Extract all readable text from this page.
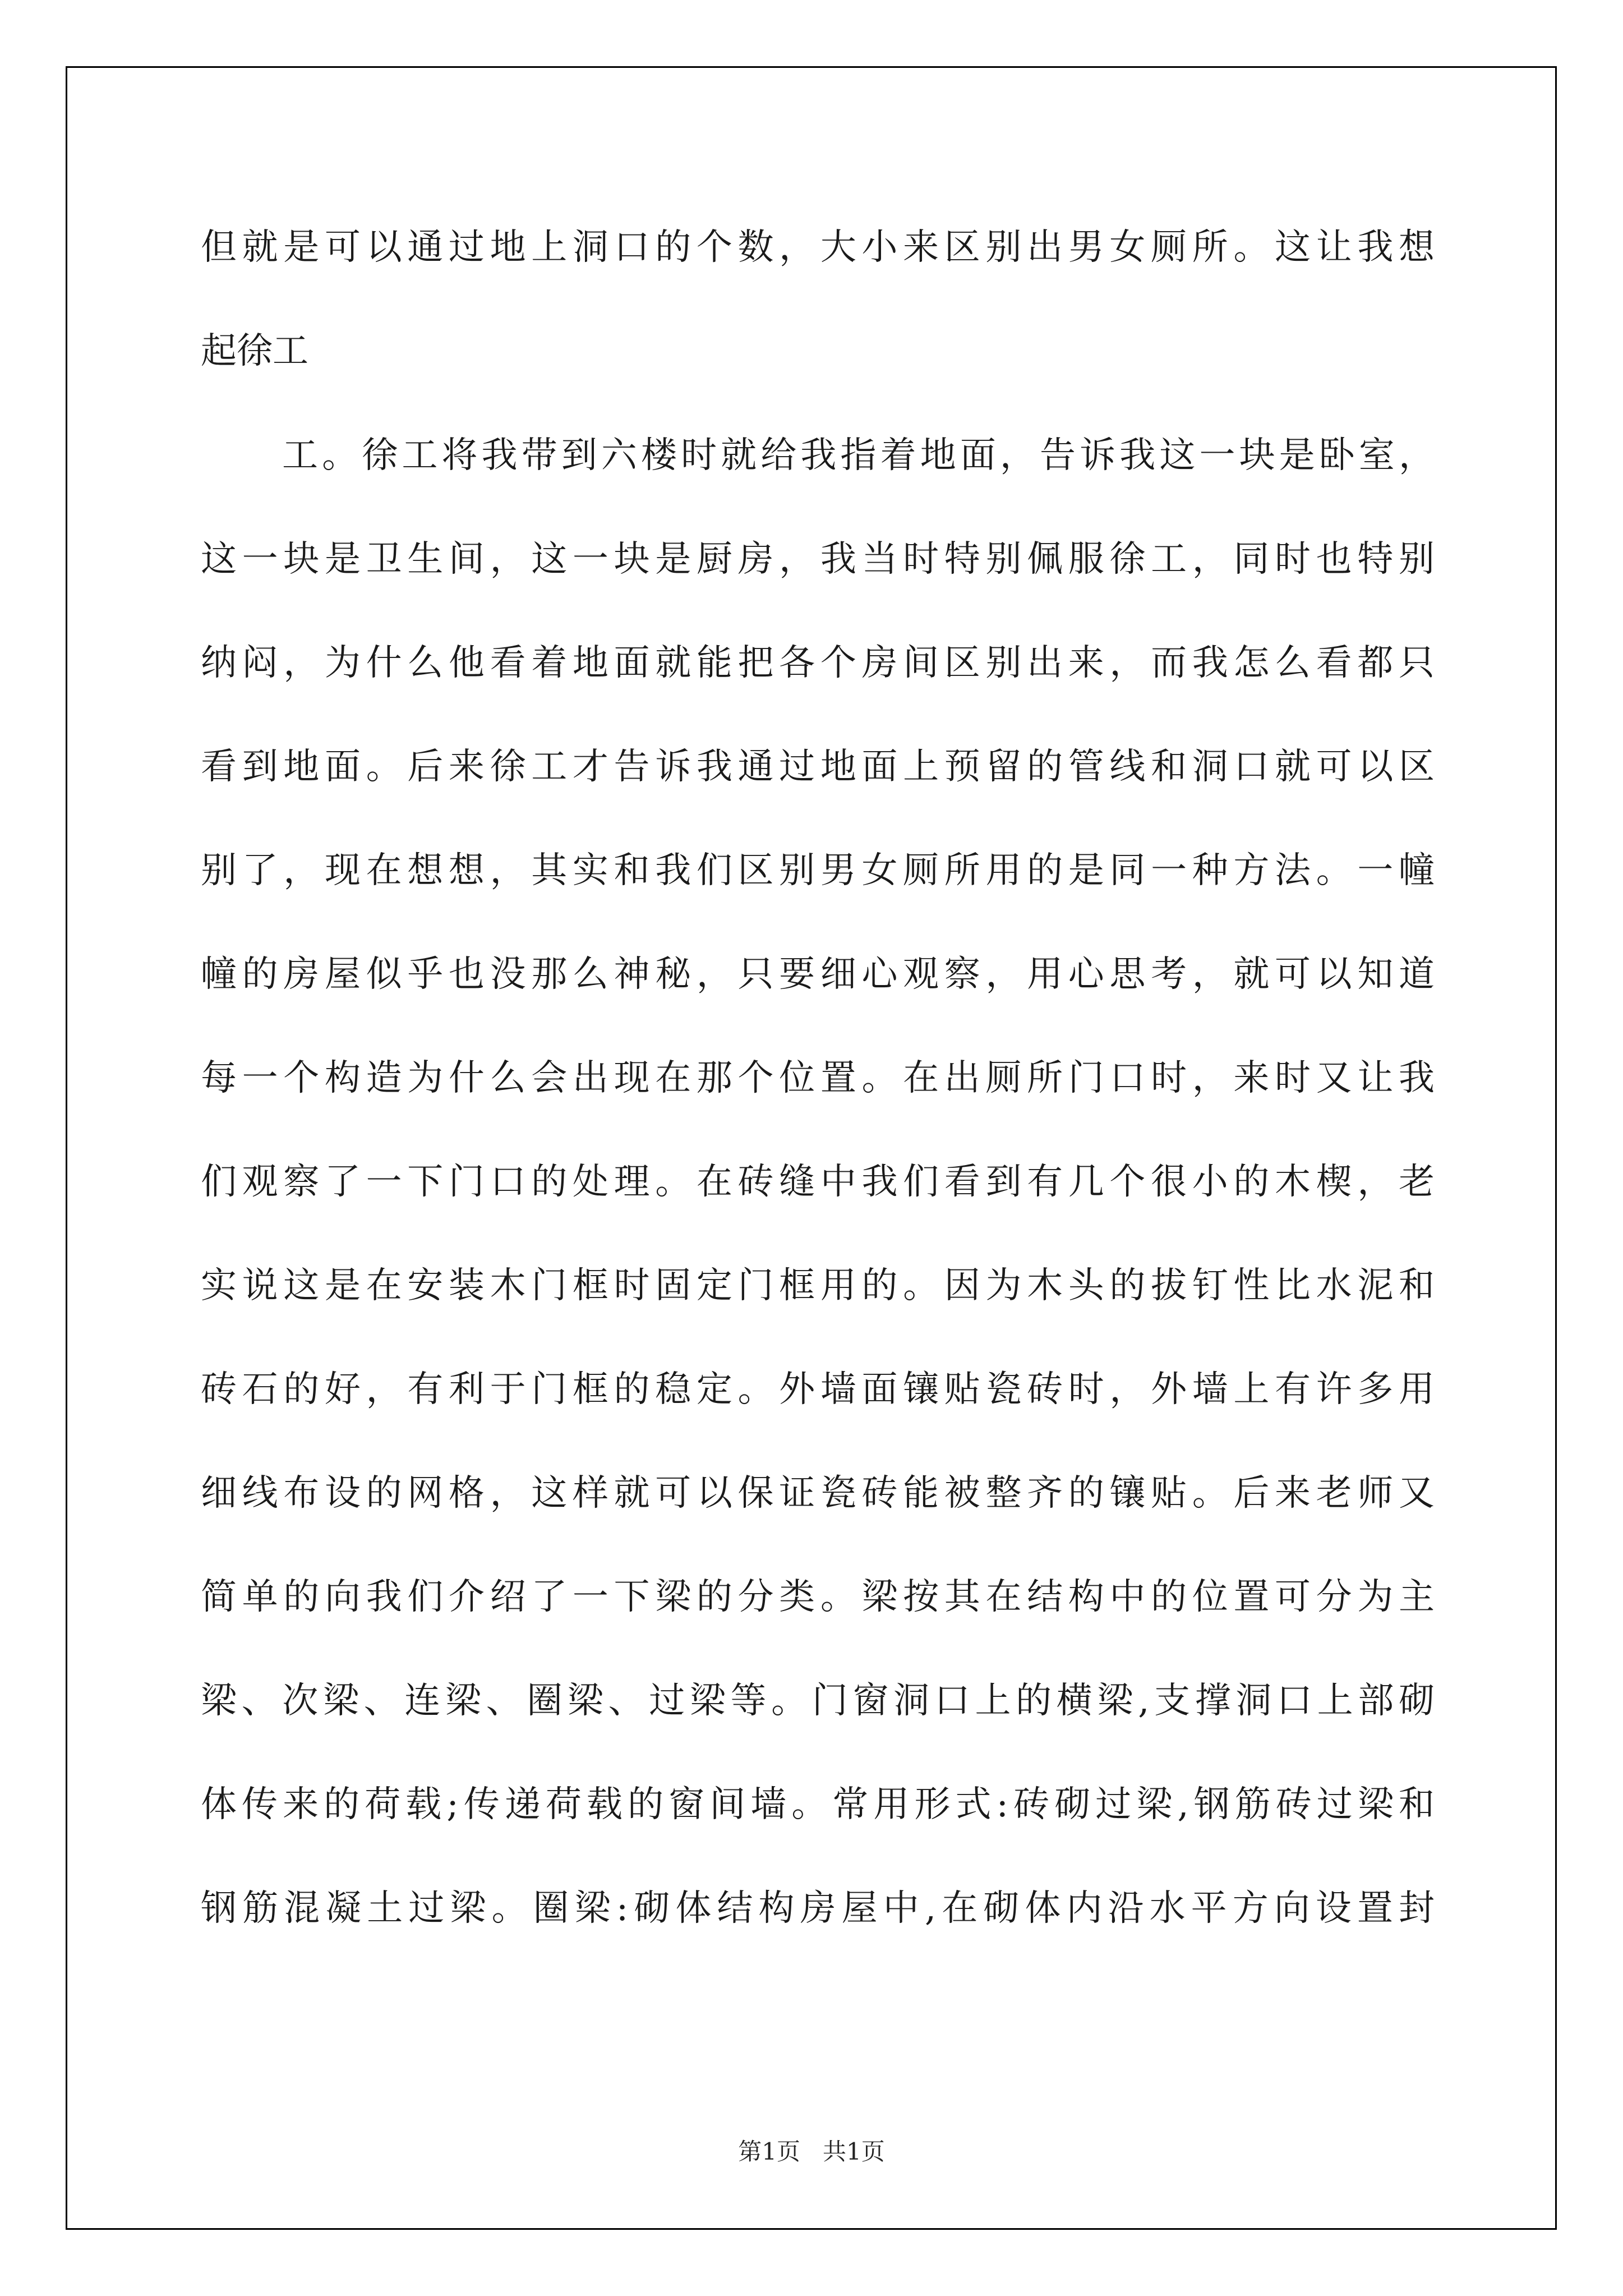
但就是可以通过地上洞口的个数，大小来区别出男女厕所。这让我想
起徐工
工。徐工将我带到六楼时就给我指着地面，告诉我这一块是卧室，
这一块是卫生间，这一块是厨房，我当时特别佩服徐工，同时也特别
纳闷，为什么他看着地面就能把各个房间区别出来，而我怎么看都只
看到地面。后来徐工才告诉我通过地面上预留的管线和洞口就可以区
别了，现在想想，其实和我们区别男女厕所用的是同一种方法。一幢
幢的房屋似乎也没那么神秘，只要细心观察，用心思考，就可以知道
每一个构造为什么会出现在那个位置。在出厕所门口时，来时又让我
们观察了一下门口的处理。在砖缝中我们看到有几个很小的木楔，老
实说这是在安装木门框时固定门框用的。因为木头的拔钉性比水泥和
砖石的好，有利于门框的稳定。外墙面镶贴瓷砖时，外墙上有许多用
细线布设的网格，这样就可以保证瓷砖能被整齐的镶贴。后来老师又
简单的向我们介绍了一下梁的分类。梁按其在结构中的位置可分为主
梁、次梁、连梁、圈梁、过梁等。门窗洞口上的横梁,支撑洞口上部砌
体传来的荷载;传递荷载的窗间墙。常用形式:砖砌过梁,钢筋砖过梁和
钢筋混凝土过梁。圈梁:砌体结构房屋中,在砌体内沿水平方向设置封
第1页 共1页
